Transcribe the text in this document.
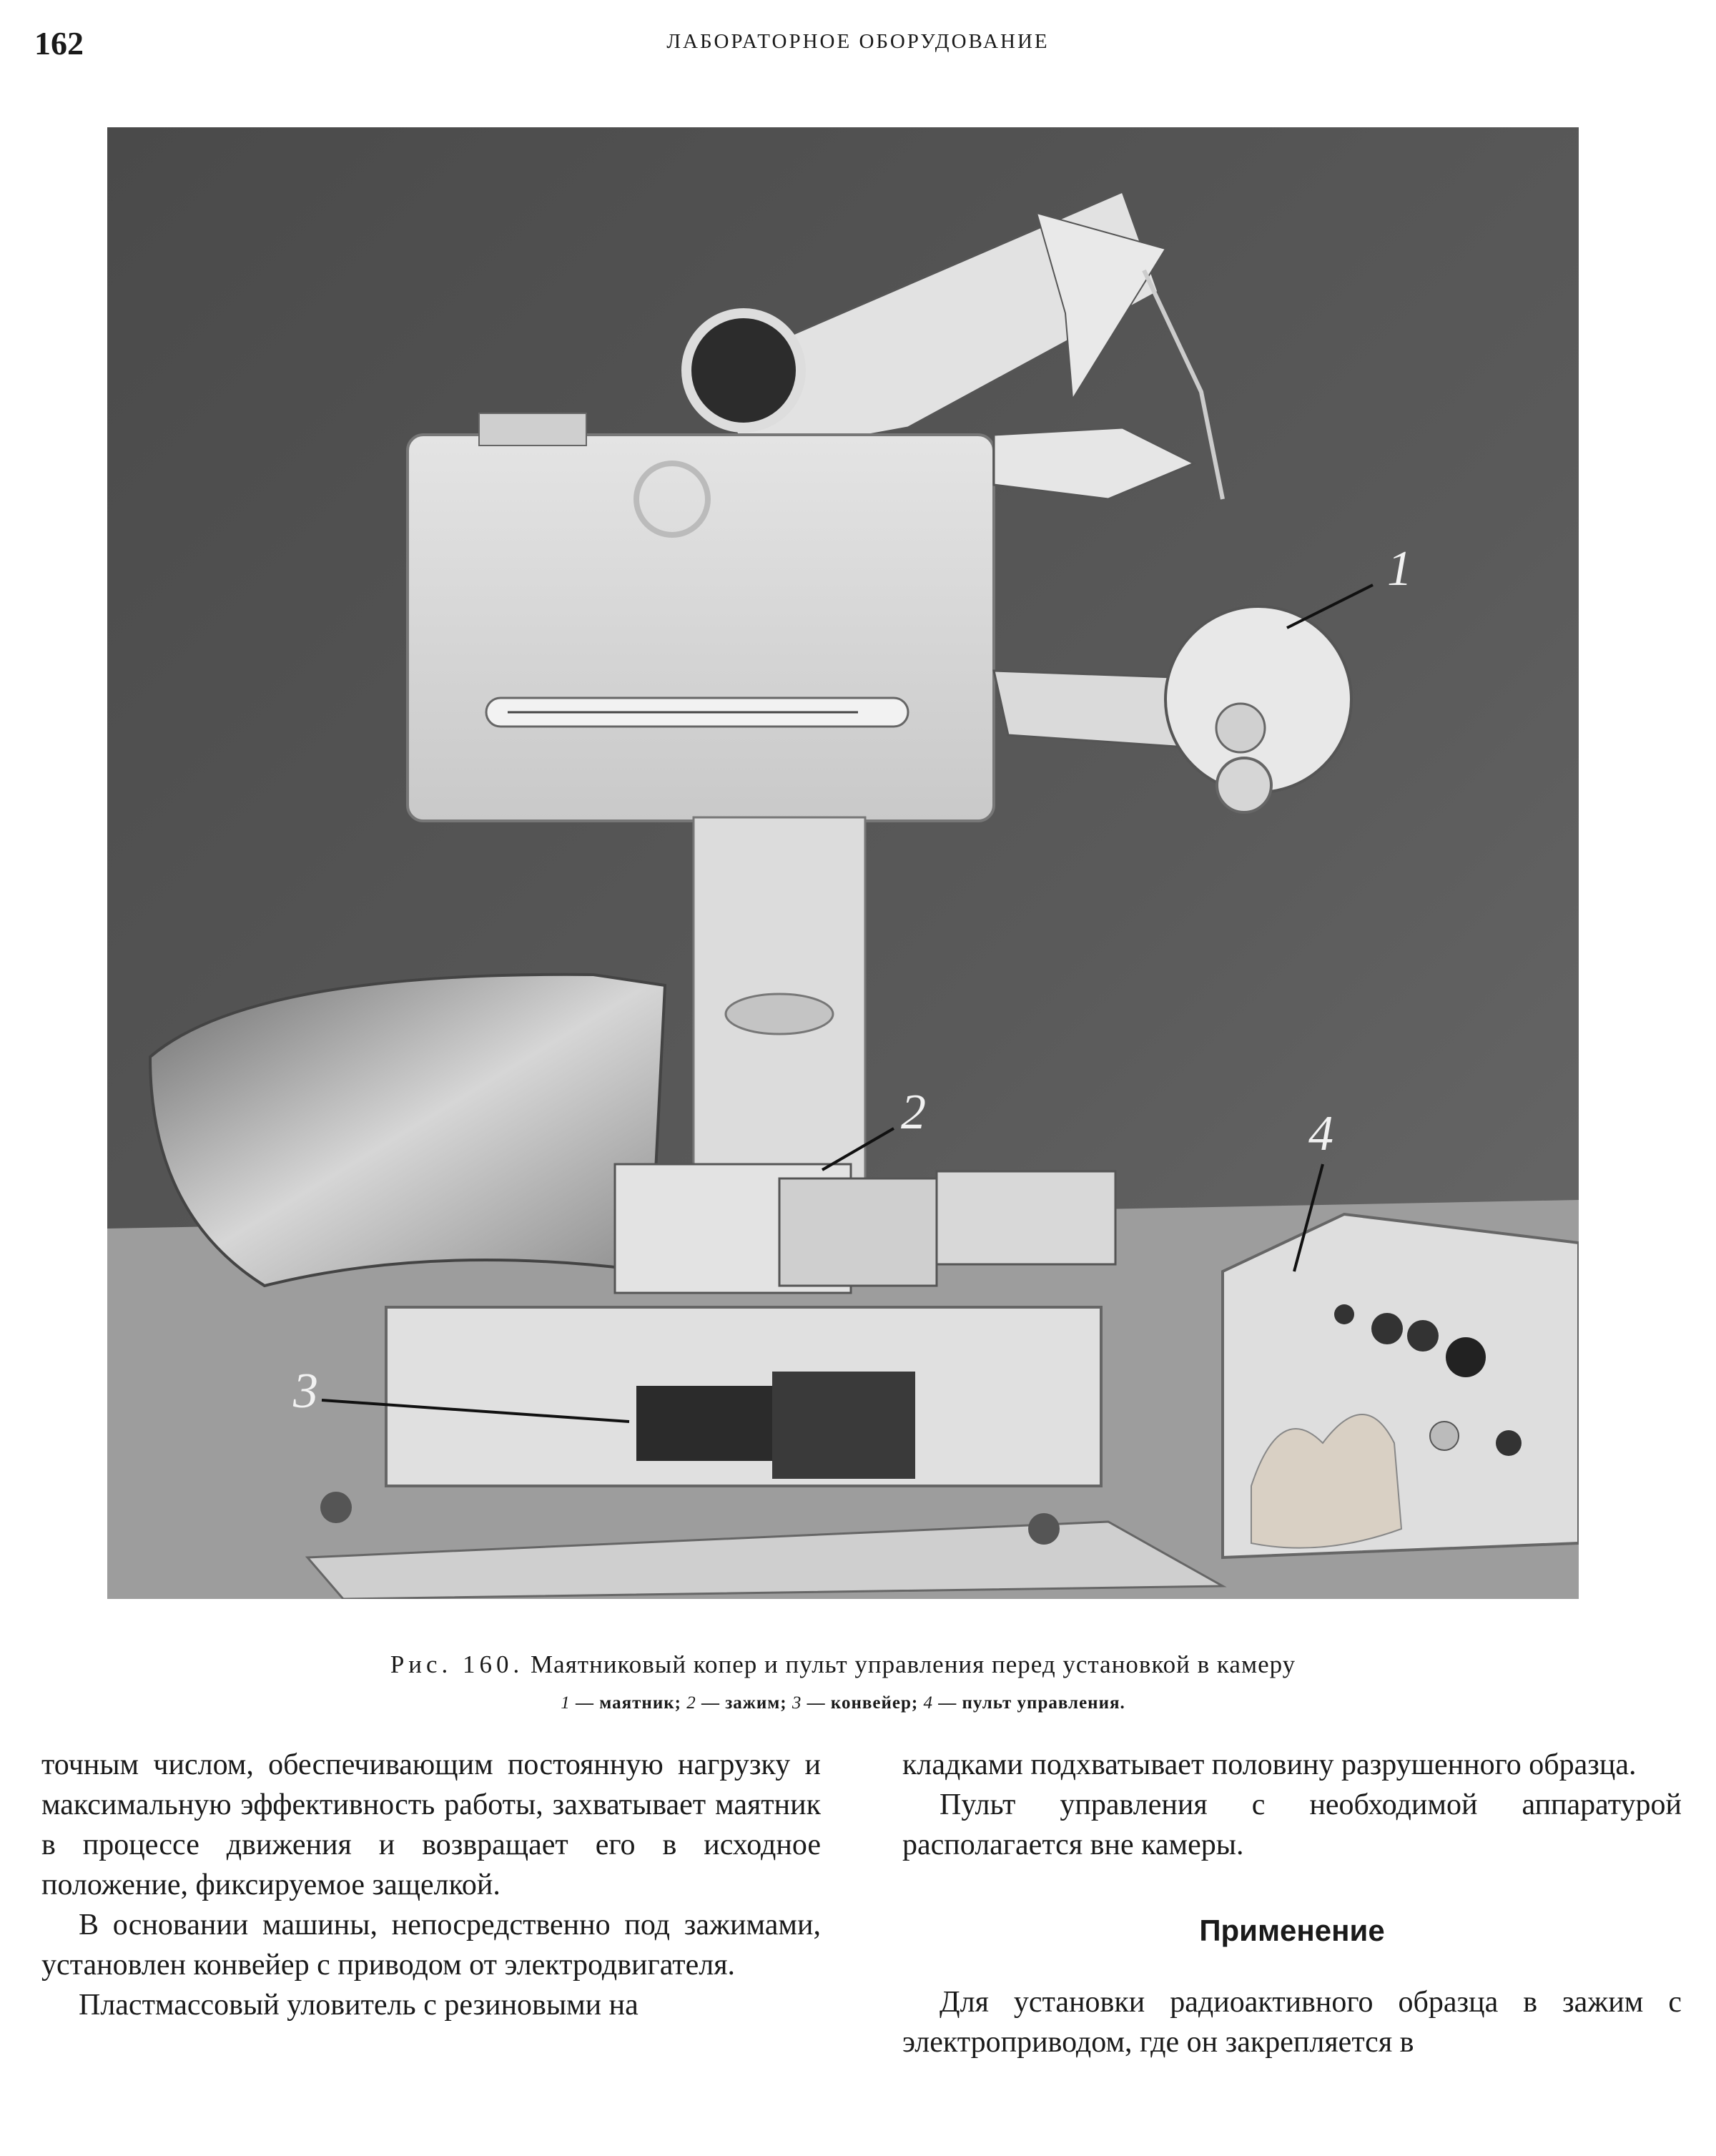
162	ЛАБОРАТОРНОЕ ОБОРУДОВАНИЕ
1
2
3
4
Рис. 160. Маятниковый копер и пульт управления перед установкой в камеру
1 — маятник; 2 — зажим; 3 — конвейер; 4 — пульт управления.

точным числом, обеспечивающим постоянную нагрузку и максимальную эффективность работы, захватывает маятник в процессе движения и возвращает его в исходное положение, фиксируемое защелкой.

В основании машины, непосредственно под зажимами, установлен конвейер с приводом от электродвигателя.

Пластмассовый уловитель с резиновыми на

кладками подхватывает половину разрушенного образца.

Пульт управления с необходимой аппаратурой располагается вне камеры.

Применение

Для установки радиоактивного образца в зажим с электроприводом, где он закрепляется в
